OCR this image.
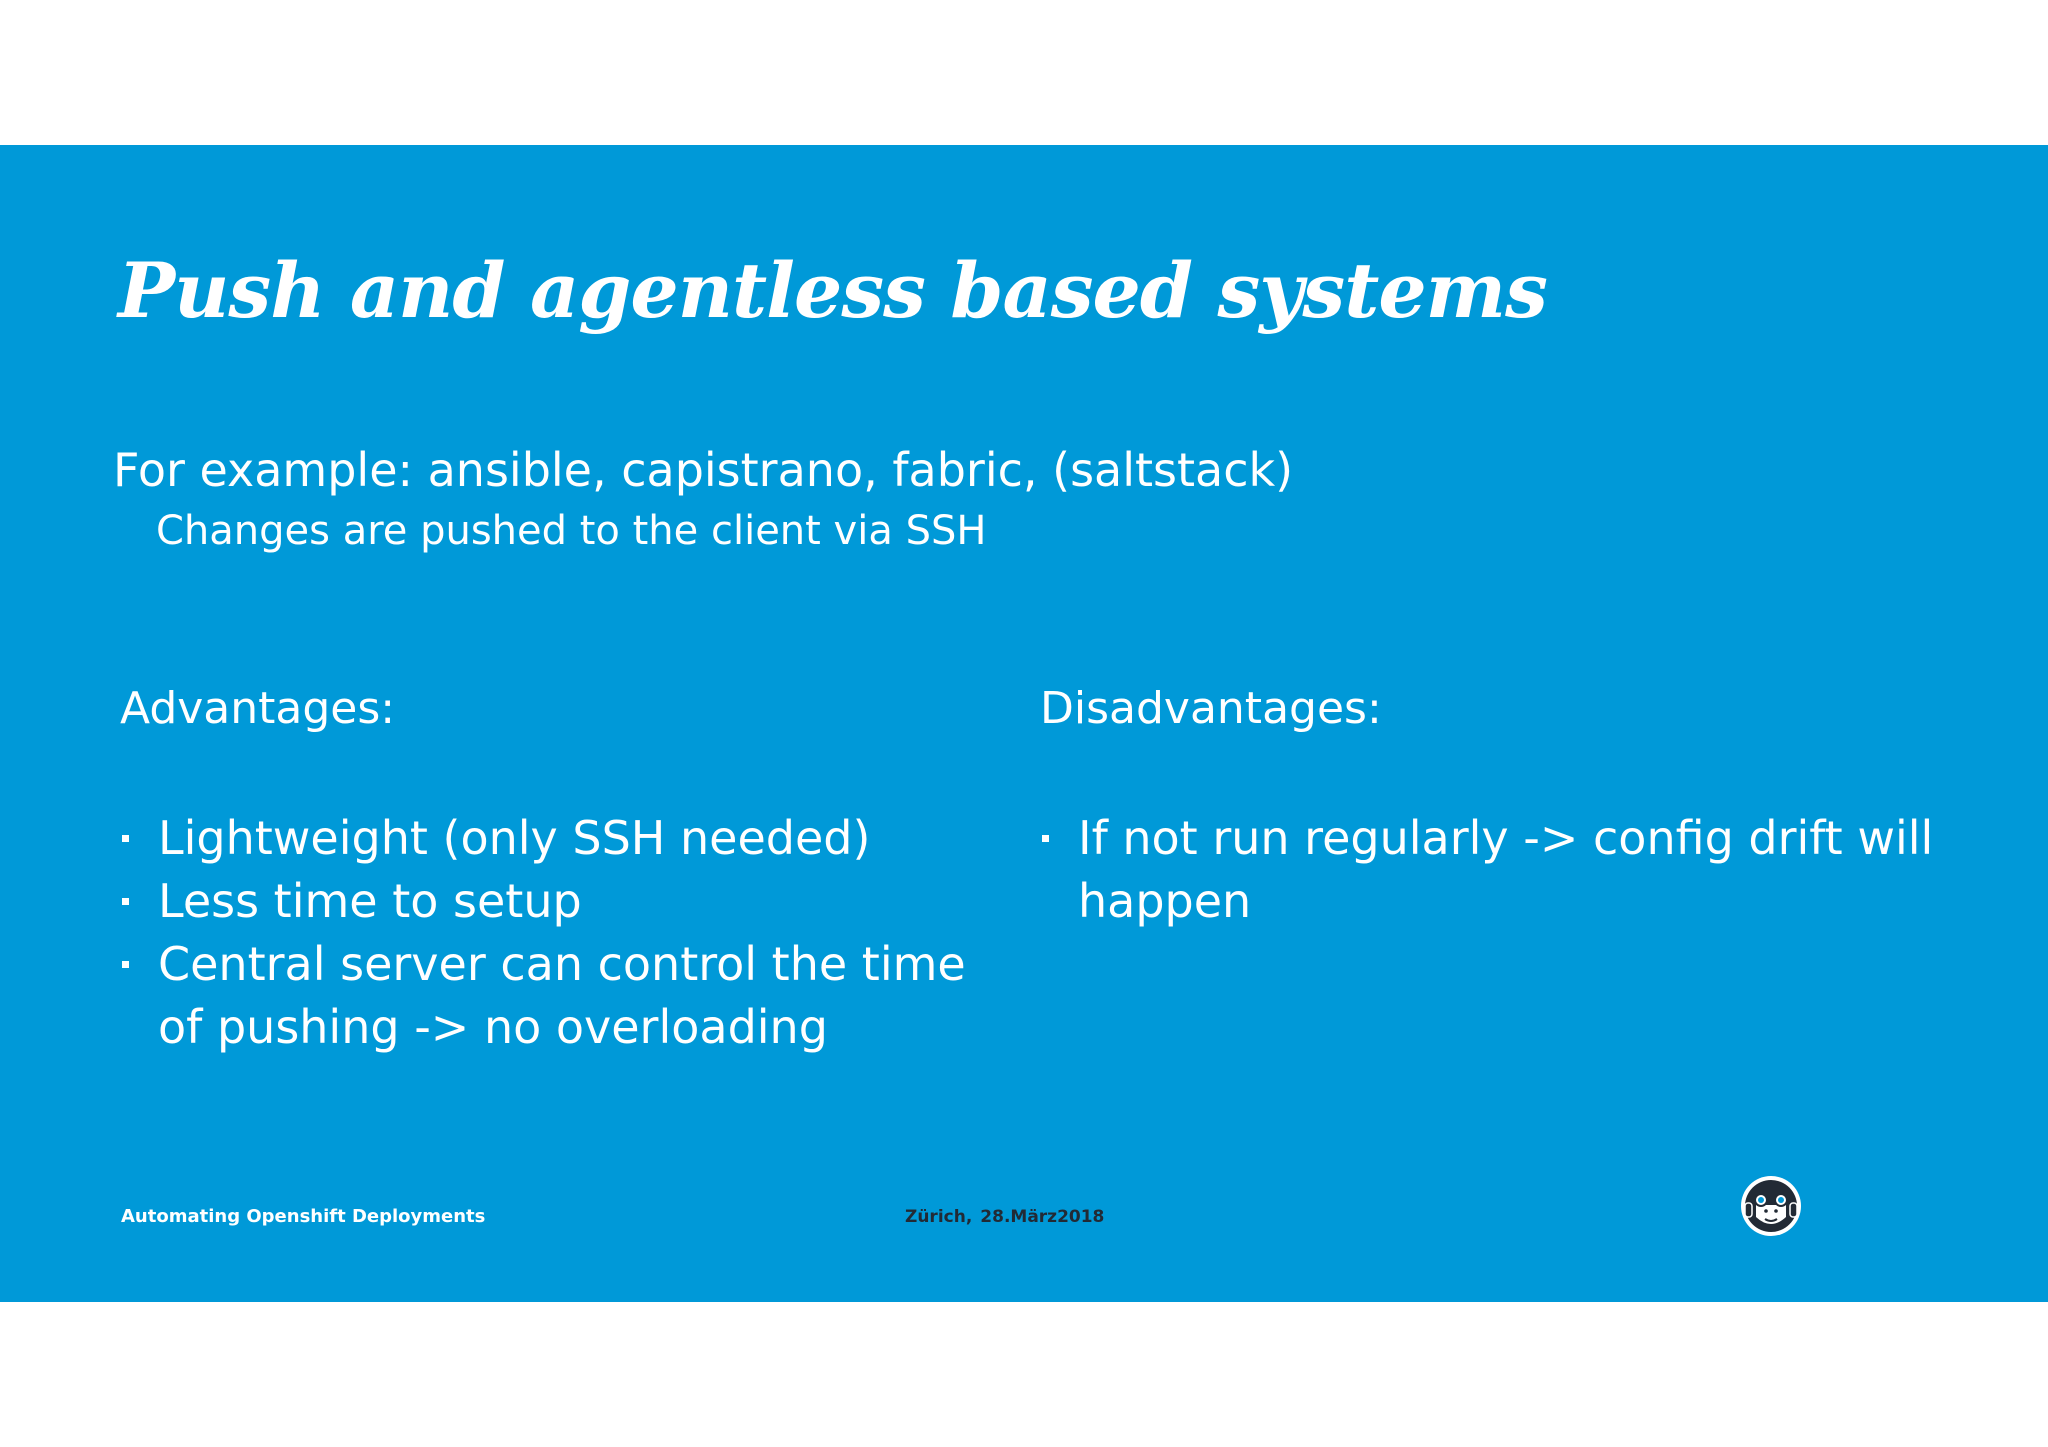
Push and agentless based systems
For example: ansible, capistrano, fabric, (saltstack)
Changes are pushed to the client via SSH
Advantages:
Lightweight (only SSH needed)
Less time to setup
Central server can control the time of pushing -> no overloading
Disadvantages:
If not run regularly -> config drift will happen
Automating Openshift Deployments	Zürich, 28.März2018
